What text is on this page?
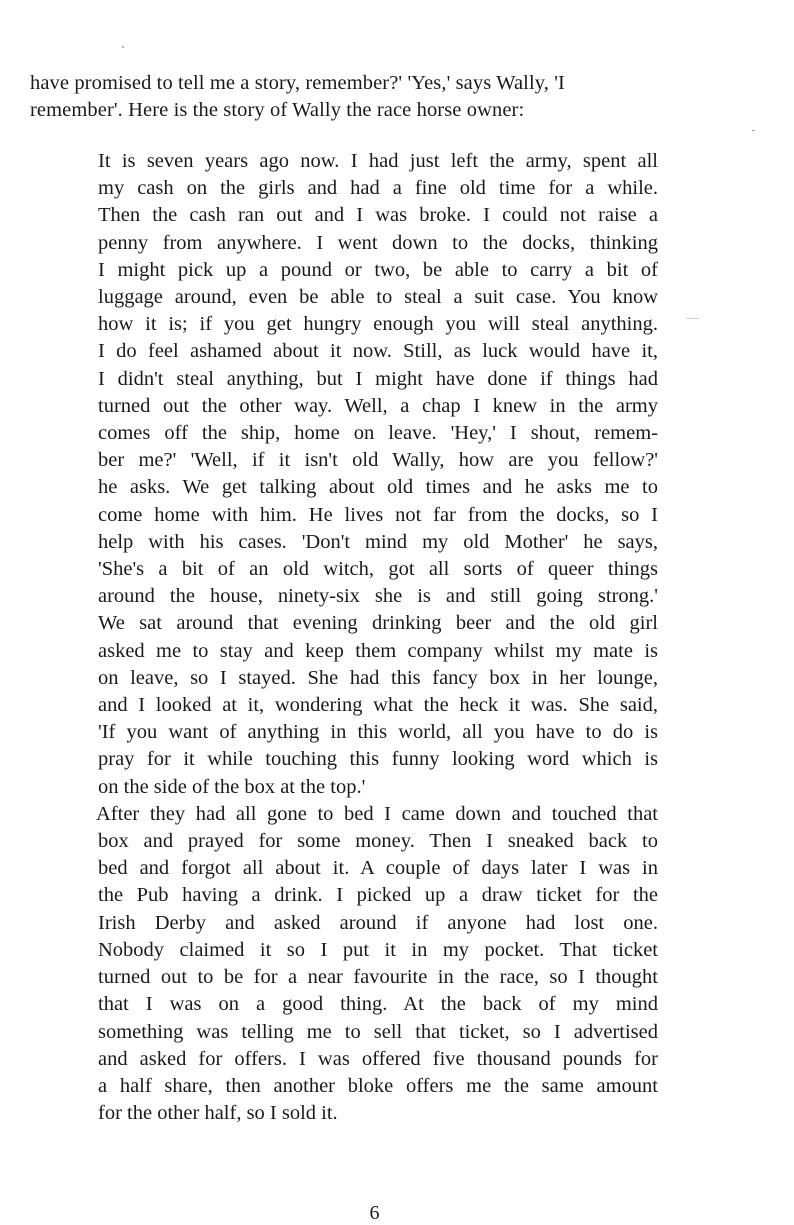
have promised to tell me a story, remember?' 'Yes,' says Wally, 'I
remember'. Here is the story of Wally the race horse owner:
It is seven years ago now. I had just left the army, spent all
my cash on the girls and had a fine old time for a while.
Then the cash ran out and I was broke. I could not raise a
penny from anywhere. I went down to the docks, thinking
I might pick up a pound or two, be able to carry a bit of
luggage around, even be able to steal a suit case. You know
how it is; if you get hungry enough you will steal anything.
I do feel ashamed about it now. Still, as luck would have it,
I didn't steal anything, but I might have done if things had
turned out the other way. Well, a chap I knew in the army
comes off the ship, home on leave. 'Hey,' I shout, remem-
ber me?' 'Well, if it isn't old Wally, how are you fellow?'
he asks. We get talking about old times and he asks me to
come home with him. He lives not far from the docks, so I
help with his cases. 'Don't mind my old Mother' he says,
'She's a bit of an old witch, got all sorts of queer things
around the house, ninety-six she is and still going strong.'
We sat around that evening drinking beer and the old girl
asked me to stay and keep them company whilst my mate is
on leave, so I stayed. She had this fancy box in her lounge,
and I looked at it, wondering what the heck it was. She said,
'If you want of anything in this world, all you have to do is
pray for it while touching this funny looking word which is
on the side of the box at the top.'
After they had all gone to bed I came down and touched that
box and prayed for some money. Then I sneaked back to
bed and forgot all about it. A couple of days later I was in
the Pub having a drink. I picked up a draw ticket for the
Irish Derby and asked around if anyone had lost one.
Nobody claimed it so I put it in my pocket. That ticket
turned out to be for a near favourite in the race, so I thought
that I was on a good thing. At the back of my mind
something was telling me to sell that ticket, so I advertised
and asked for offers. I was offered five thousand pounds for
a half share, then another bloke offers me the same amount
for the other half, so I sold it.
6
